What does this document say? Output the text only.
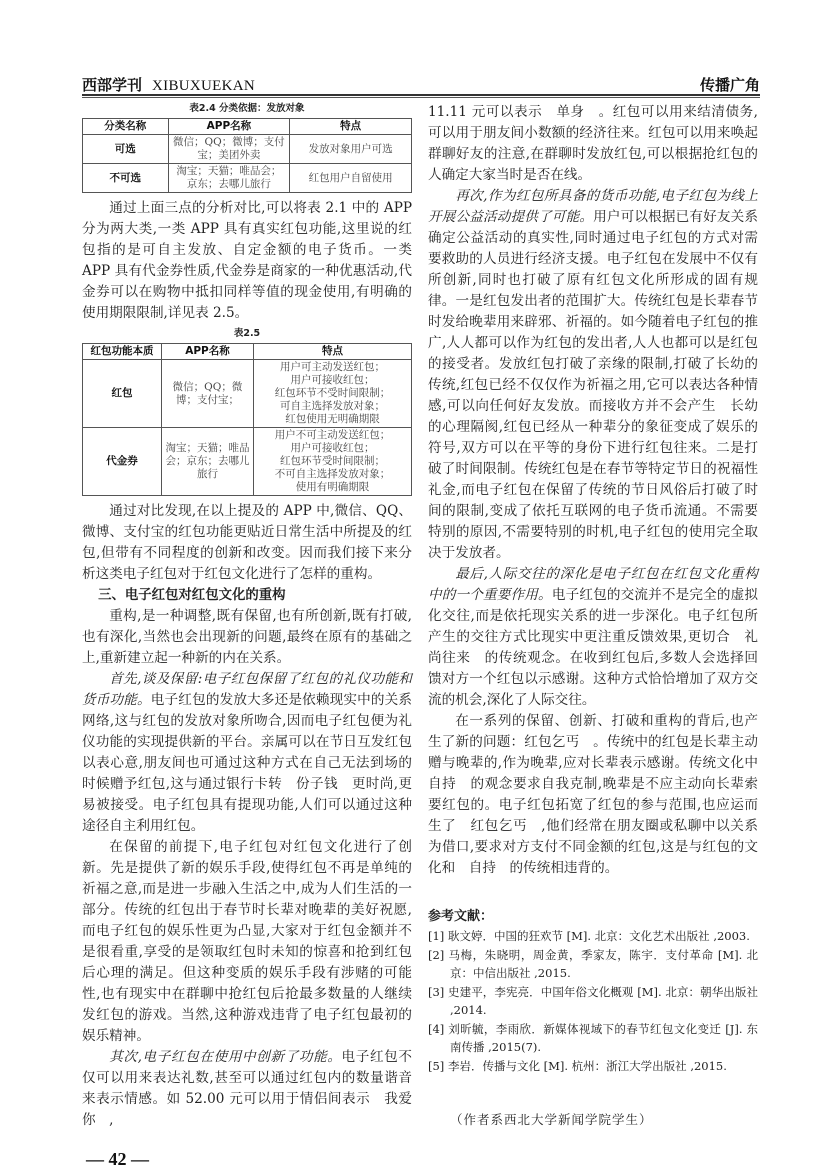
西部学刊 XIBUXUEKAN	传播广角
表2.4 分类依据：发放对象
分类名称	APP名称	特点
可选	微信；QQ；微博；支付宝；美团外卖	发放对象用户可选
不可选	淘宝；天猫；唯品会；京东；去哪儿旅行	红包用户自留使用

通过上面三点的分析对比,可以将表 2.1 中的 APP 分为两大类,一类 APP 具有真实红包功能,这里说的红包指的是可自主发放、自定金额的电子货币。一类 APP 具有代金券性质,代金券是商家的一种优惠活动,代金券可以在购物中抵扣同样等值的现金使用,有明确的使用期限限制,详见表 2.5。

表2.5
红包功能本质	APP名称	特点
红包	微信；QQ；微博；支付宝；	用户可主动发送红包；
用户可接收红包；
红包环节不受时间限制；
可自主选择发放对象；
红包使用无明确期限

代金券	淘宝；天猫；唯品会；京东；去哪儿旅行	用户不可主动发送红包；
用户可接收红包；
红包环节受时间限制；
不可自主选择发放对象；
使用有明确期限

通过对比发现,在以上提及的 APP 中,微信、QQ、微博、支付宝的红包功能更贴近日常生活中所提及的红包,但带有不同程度的创新和改变。因而我们接下来分析这类电子红包对于红包文化进行了怎样的重构。

三、电子红包对红包文化的重构

重构,是一种调整,既有保留,也有所创新,既有打破,也有深化,当然也会出现新的问题,最终在原有的基础之上,重新建立起一种新的内在关系。

首先,谈及保留:电子红包保留了红包的礼仪功能和货币功能。电子红包的发放大多还是依赖现实中的关系网络,这与红包的发放对象所吻合,因而电子红包便为礼仪功能的实现提供新的平台。亲属可以在节日互发红包以表心意,朋友间也可通过这种方式在自己无法到场的时候赠予红包,这与通过银行卡转　份子钱　更时尚,更易被接受。电子红包具有提现功能,人们可以通过这种途径自主利用红包。

在保留的前提下,电子红包对红包文化进行了创新。先是提供了新的娱乐手段,使得红包不再是单纯的祈福之意,而是进一步融入生活之中,成为人们生活的一部分。传统的红包出于春节时长辈对晚辈的美好祝愿,而电子红包的娱乐性更为凸显,大家对于红包金额并不是很看重,享受的是领取红包时未知的惊喜和抢到红包后心理的满足。但这种变质的娱乐手段有涉赌的可能性,也有现实中在群聊中抢红包后抢最多数量的人继续发红包的游戏。当然,这种游戏违背了电子红包最初的娱乐精神。

其次,电子红包在使用中创新了功能。电子红包不仅可以用来表达礼数,甚至可以通过红包内的数量谐音来表示情感。如 52.00 元可以用于情侣间表示　我爱你　,

— 42 —

11.11 元可以表示　单身　。红包可以用来结清债务,可以用于朋友间小数额的经济往来。红包可以用来唤起群聊好友的注意,在群聊时发放红包,可以根据抢红包的人确定大家当时是否在线。

再次,作为红包所具备的货币功能,电子红包为线上开展公益活动提供了可能。用户可以根据已有好友关系确定公益活动的真实性,同时通过电子红包的方式对需要救助的人员进行经济支援。电子红包在发展中不仅有所创新,同时也打破了原有红包文化所形成的固有规律。一是红包发出者的范围扩大。传统红包是长辈春节时发给晚辈用来辟邪、祈福的。如今随着电子红包的推广,人人都可以作为红包的发出者,人人也都可以是红包的接受者。发放红包打破了亲缘的限制,打破了长幼的传统,红包已经不仅仅作为祈福之用,它可以表达各种情感,可以向任何好友发放。而接收方并不会产生　长幼　的心理隔阂,红包已经从一种辈分的象征变成了娱乐的符号,双方可以在平等的身份下进行红包往来。二是打破了时间限制。传统红包是在春节等特定节日的祝福性礼金,而电子红包在保留了传统的节日风俗后打破了时间的限制,变成了依托互联网的电子货币流通。不需要特别的原因,不需要特别的时机,电子红包的使用完全取决于发放者。

最后,人际交往的深化是电子红包在红包文化重构中的一个重要作用。电子红包的交流并不是完全的虚拟化交往,而是依托现实关系的进一步深化。电子红包所产生的交往方式比现实中更注重反馈效果,更切合　礼尚往来　的传统观念。在收到红包后,多数人会选择回馈对方一个红包以示感谢。这种方式恰恰增加了双方交流的机会,深化了人际交往。

在一系列的保留、创新、打破和重构的背后,也产生了新的问题：红包乞丐　。传统中的红包是长辈主动赠与晚辈的,作为晚辈,应对长辈表示感谢。传统文化中　自持　的观念要求自我克制,晚辈是不应主动向长辈索要红包的。电子红包拓宽了红包的参与范围,也应运而生了　红包乞丐　,他们经常在朋友圈或私聊中以关系为借口,要求对方支付不同金额的红包,这是与红包的文化和　自持　的传统相违背的。

参考文献：
[1] 耿文婷．中国的狂欢节 [M]. 北京：文化艺术出版社 ,2003.
[2] 马梅，朱晓明，周金黄，季家友，陈宇．支付革命 [M]. 北京：中信出版社 ,2015.
[3] 史建平，李宪亮．中国年俗文化概观 [M]. 北京：朝华出版社 ,2014.
[4] 刘昕毓，李雨欣．新媒体视域下的春节红包文化变迁 [J]. 东南传播 ,2015(7).
[5] 李岩．传播与文化 [M]. 杭州：浙江大学出版社 ,2015.
（作者系西北大学新闻学院学生）
